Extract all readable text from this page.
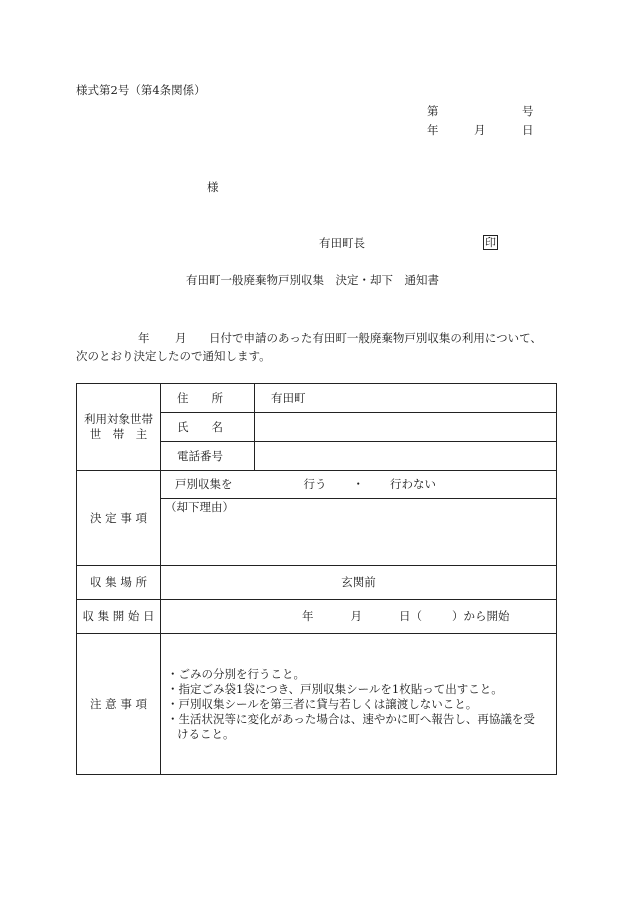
様式第2号（第4条関係）
第	号
年	月	日
様
有田町長	印
有田町一般廃棄物戸別収集　決定・却下　通知書
年 月 日付で申請のあった有田町一般廃棄物戸別収集の利用について、
次のとおり決定したので通知します。
利用対象世帯
世　帯　主	住　　所	有田町
	氏　　名	
	電話番号	
決 定 事 項	戸別収集を 行う ・ 行わない	
	（却下理由）	
収 集 場 所	玄関前	
収 集 開 始 日	年 月 日（ ）から開始	
注 意 事 項	・ごみの分別を行うこと。
・指定ごみ袋1袋につき、戸別収集シールを1枚貼って出すこと。
・戸別収集シールを第三者に貸与若しくは譲渡しないこと。
・生活状況等に変化があった場合は、速やかに町へ報告し、再協議を受
けること。	
